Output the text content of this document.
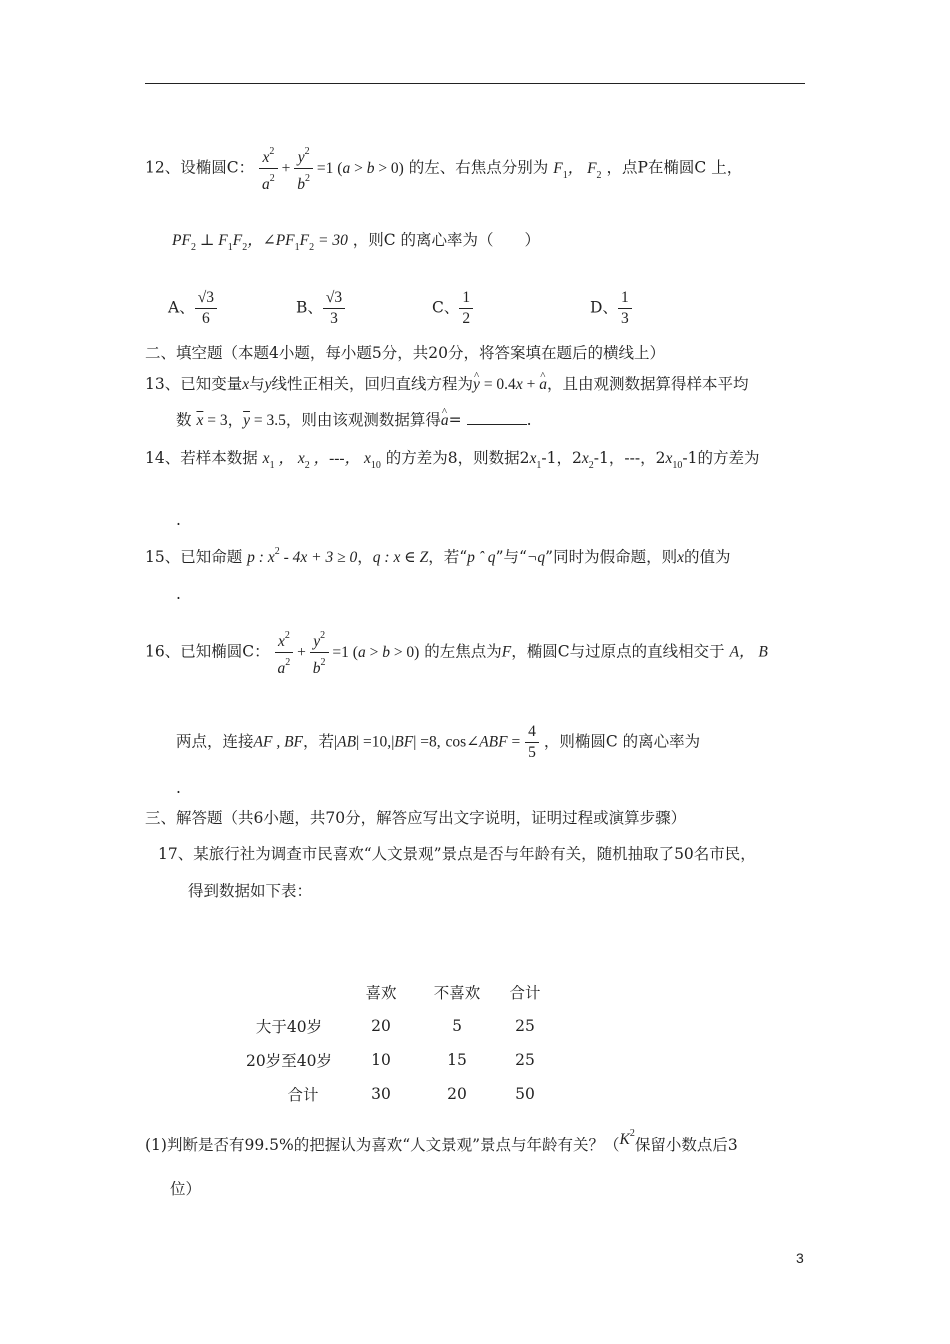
12、设椭圆C： $\frac{x^2}{a^2} + \frac{y^2}{b^2} =1$ (a > b > 0) 的左、右焦点分别为 $F_1$， $F_2$ ，点P在椭圆C 上，
$PF_2$ ⊥ $F_1F_2$，$\angle PF_1F_2 = 30$ ，则C 的离心率为（　　）
A、 $\frac{√3}{6}$	B、 $\frac{√3}{3}$	C、 $\frac{1}{2}$	D、 $\frac{1}{3}$
二、填空题（本题4小题，每小题5分，共20分，将答案填在题后的横线上）
13、已知变量x与y线性正相关，回归直线方程为y ^ = 0.4x + a ^，且由观测数据算得样本平均
数 $\overline{x} = 3$，$\overline{y} = 3.5$，则由该观测数据算得a ^=	.
14、若样本数据 $x_1$ ， $x_2$ ，---， $x_{10}$ 的方差为8，则数据$2x_1-1$，$2x_2-1$，---，$2x_{10}-1$的方差为
.
15、已知命题 p : $x^2 - 4x + 3 \ge 0$，q : x ∈ Z，若“p ˆ q”与“¬q”同时为假命题，则x的值为
.
16、已知椭圆C： $\frac{x^2}{a^2} + \frac{y^2}{b^2} =1$ (a > b > 0) 的左焦点为F，椭圆C与过原点的直线相交于 A， B
两点，连接AF , BF，若|AB| =10,|BF| =8, cos∠ABF = $\frac{4}{5}$ ，则椭圆C 的离心率为
.
三、解答题（共6小题，共70分，解答应写出文字说明，证明过程或演算步骤）
17、某旅行社为调查市民喜欢“人文景观”景点是否与年龄有关，随机抽取了50名市民，
得到数据如下表：
	喜欢	不喜欢	合计
大于40岁	20	5	25
20岁至40岁	10	15	25
合计	30	20	50
(1)判断是否有99.5%的把握认为喜欢“人文景观”景点与年龄有关？（$K^2$保留小数点后3
位）
3
